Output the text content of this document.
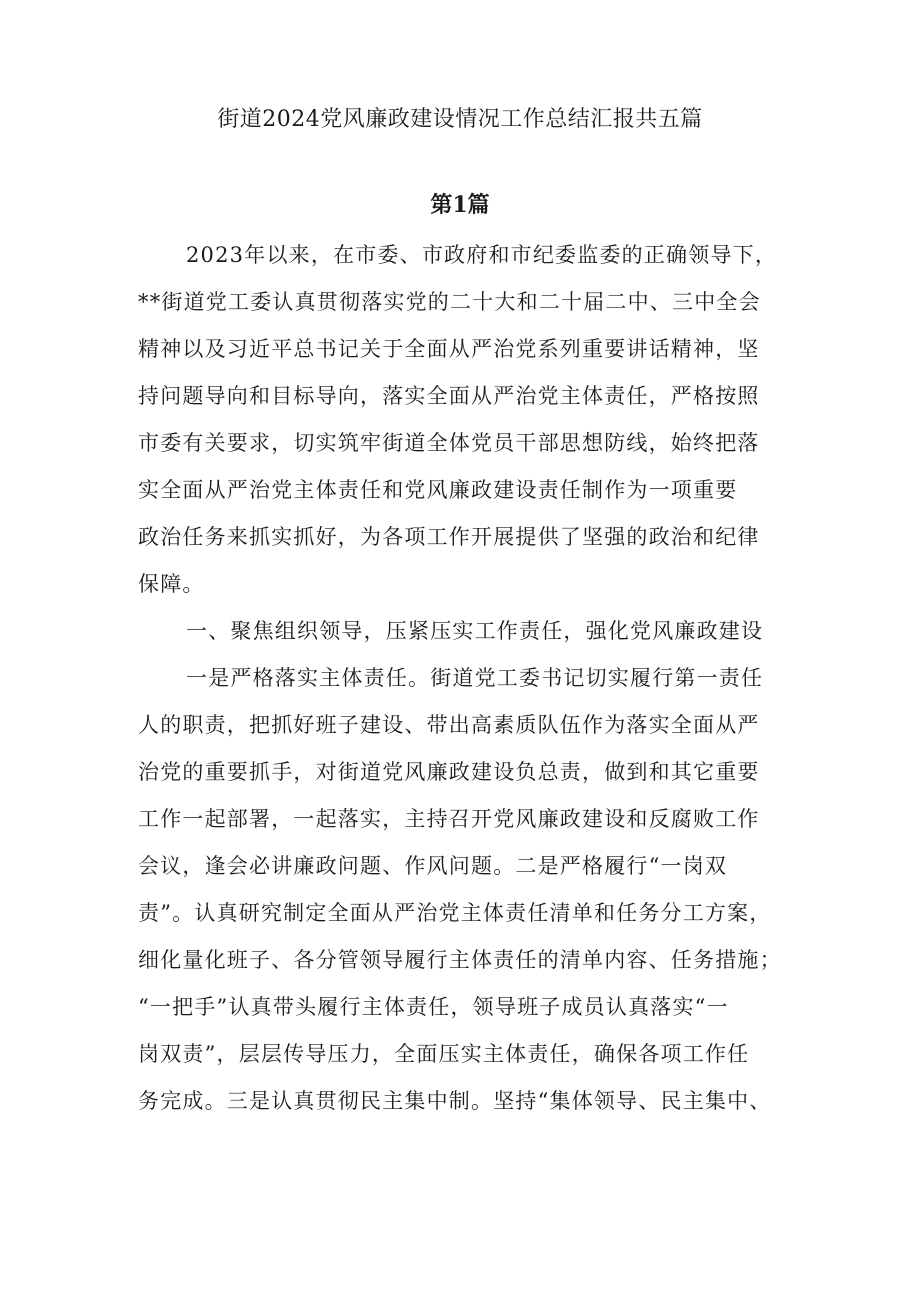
街道2024党风廉政建设情况工作总结汇报共五篇
第1篇
2023年以来，在市委、市政府和市纪委监委的正确领导下，
**街道党工委认真贯彻落实党的二十大和二十届二中、三中全会
精神以及习近平总书记关于全面从严治党系列重要讲话精神，坚
持问题导向和目标导向，落实全面从严治党主体责任，严格按照
市委有关要求，切实筑牢街道全体党员干部思想防线，始终把落
实全面从严治党主体责任和党风廉政建设责任制作为一项重要
政治任务来抓实抓好，为各项工作开展提供了坚强的政治和纪律
保障。
一、聚焦组织领导，压紧压实工作责任，强化党风廉政建设
一是严格落实主体责任。街道党工委书记切实履行第一责任
人的职责，把抓好班子建设、带出高素质队伍作为落实全面从严
治党的重要抓手，对街道党风廉政建设负总责，做到和其它重要
工作一起部署，一起落实，主持召开党风廉政建设和反腐败工作
会议，逢会必讲廉政问题、作风问题。二是严格履行“一岗双
责”。认真研究制定全面从严治党主体责任清单和任务分工方案，
细化量化班子、各分管领导履行主体责任的清单内容、任务措施；
“一把手”认真带头履行主体责任，领导班子成员认真落实“一
岗双责”，层层传导压力，全面压实主体责任，确保各项工作任
务完成。三是认真贯彻民主集中制。坚持“集体领导、民主集中、
